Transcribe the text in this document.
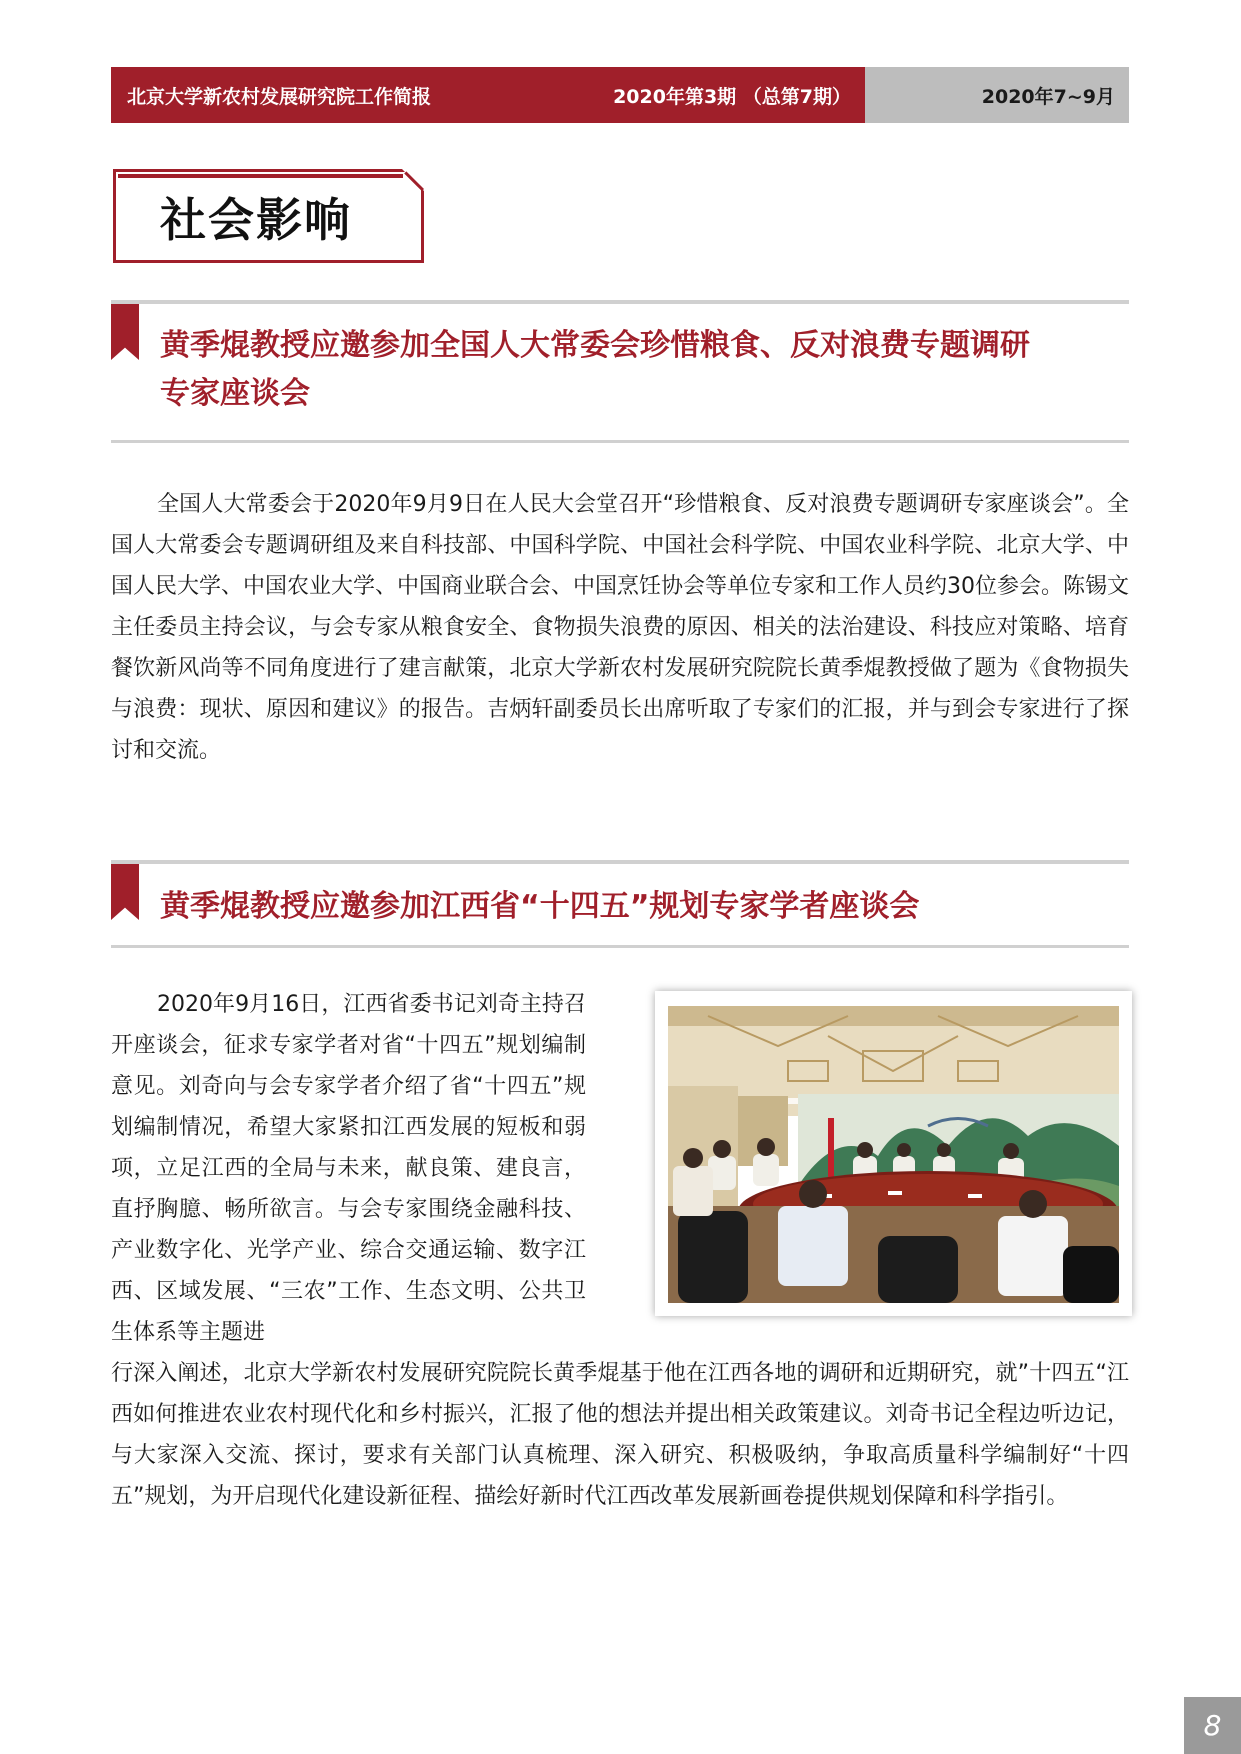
北京大学新农村发展研究院工作简报	2020年第3期 （总第7期）	2020年7~9月
社会影响
黄季焜教授应邀参加全国人大常委会珍惜粮食、反对浪费专题调研
专家座谈会

全国人大常委会于2020年9月9日在人民大会堂召开“珍惜粮食、反对浪费专题调研专家座谈会”。全国人大常委会专题调研组及来自科技部、中国科学院、中国社会科学院、中国农业科学院、北京大学、中国人民大学、中国农业大学、中国商业联合会、中国烹饪协会等单位专家和工作人员约30位参会。陈锡文主任委员主持会议，与会专家从粮食安全、食物损失浪费的原因、相关的法治建设、科技应对策略、培育餐饮新风尚等不同角度进行了建言献策，北京大学新农村发展研究院院长黄季焜教授做了题为《食物损失与浪费：现状、原因和建议》的报告。吉炳轩副委员长出席听取了专家们的汇报，并与到会专家进行了探讨和交流。

黄季焜教授应邀参加江西省“十四五”规划专家学者座谈会

2020年9月16日，江西省委书记刘奇主持召开座谈会，征求专家学者对省“十四五”规划编制意见。刘奇向与会专家学者介绍了省“十四五”规划编制情况，希望大家紧扣江西发展的短板和弱项，立足江西的全局与未来，献良策、建良言，直抒胸臆、畅所欲言。与会专家围绕金融科技、产业数字化、光学产业、综合交通运输、数字江西、区域发展、“三农”工作、生态文明、公共卫生体系等主题进

行深入阐述，北京大学新农村发展研究院院长黄季焜基于他在江西各地的调研和近期研究，就”十四五“江西如何推进农业农村现代化和乡村振兴，汇报了他的想法并提出相关政策建议。刘奇书记全程边听边记，与大家深入交流、探讨，要求有关部门认真梳理、深入研究、积极吸纳，争取高质量科学编制好“十四五”规划，为开启现代化建设新征程、描绘好新时代江西改革发展新画卷提供规划保障和科学指引。

8
